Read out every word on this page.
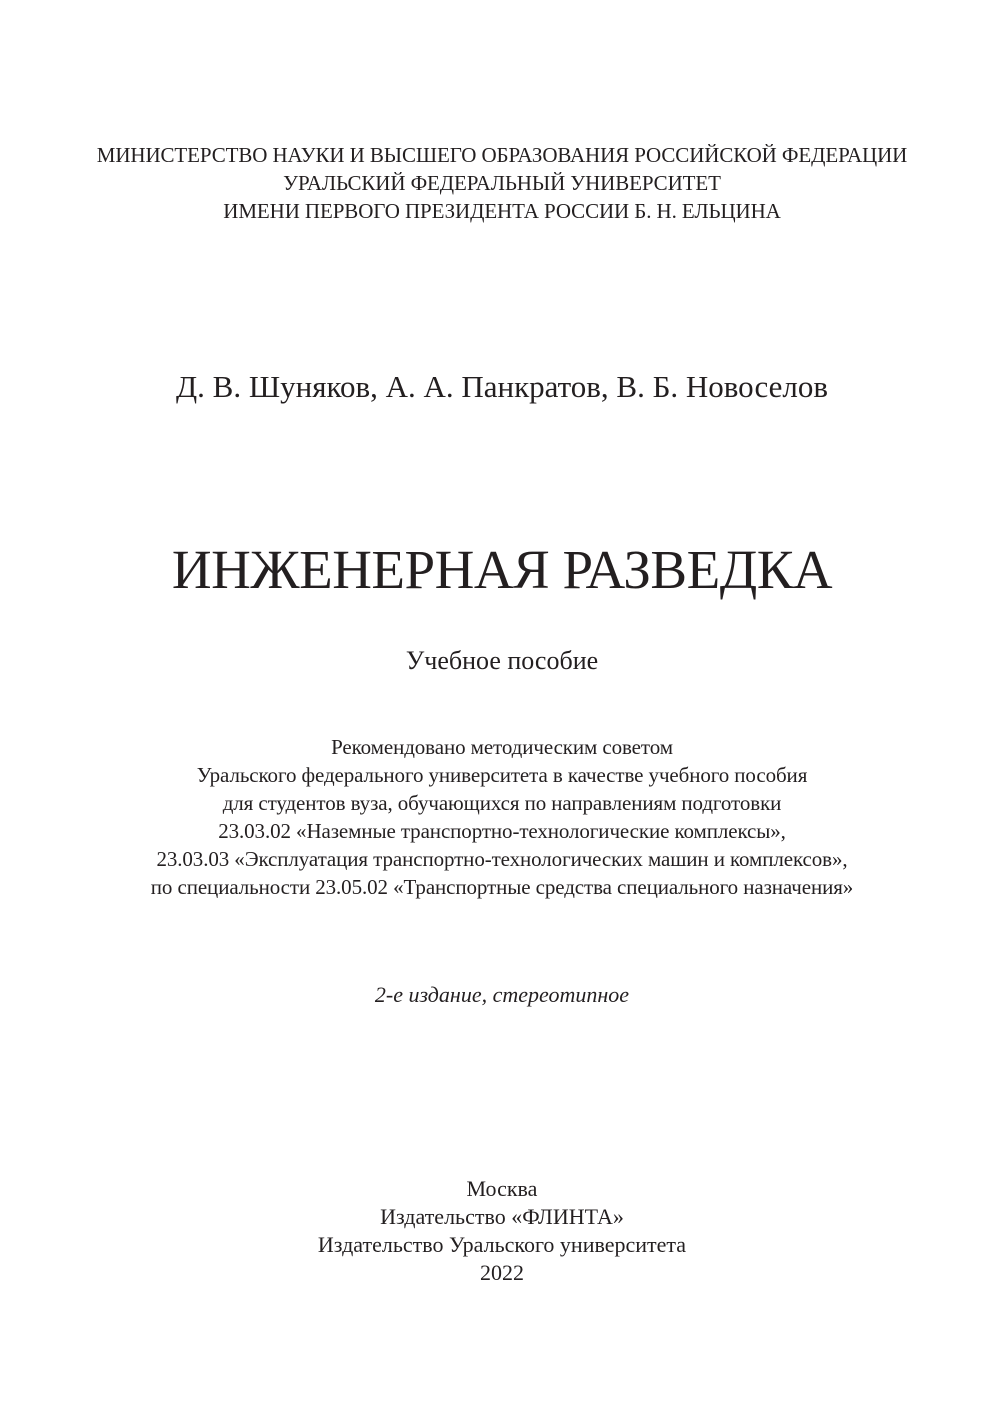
МИНИСТЕРСТВО НАУКИ И ВЫСШЕГО ОБРАЗОВАНИЯ РОССИЙСКОЙ ФЕДЕРАЦИИ
УРАЛЬСКИЙ ФЕДЕРАЛЬНЫЙ УНИВЕРСИТЕТ
ИМЕНИ ПЕРВОГО ПРЕЗИДЕНТА РОССИИ Б. Н. ЕЛЬЦИНА
Д. В. Шуняков, А. А. Панкратов, В. Б. Новоселов
ИНЖЕНЕРНАЯ РАЗВЕДКА
Учебное пособие
Рекомендовано методическим советом
Уральского федерального университета в качестве учебного пособия
для студентов вуза, обучающихся по направлениям подготовки
23.03.02 «Наземные транспортно-технологические комплексы»,
23.03.03 «Эксплуатация транспортно-технологических машин и комплексов»,
по специальности 23.05.02 «Транспортные средства специального назначения»
2-е издание, стереотипное
Москва
Издательство «ФЛИНТА»
Издательство Уральского университета
2022
